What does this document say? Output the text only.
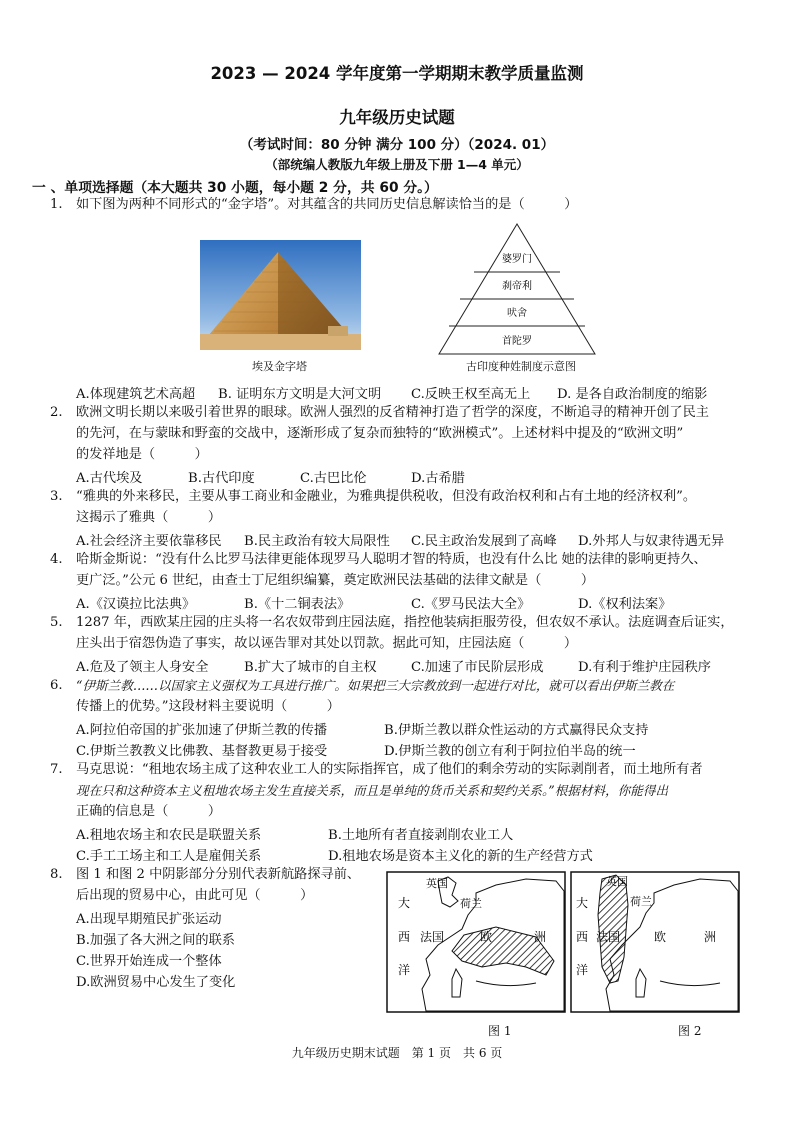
2023 — 2024 学年度第一学期期末教学质量监测
九年级历史试题
（考试时间：80 分钟 满分 100 分）（2024. 01）
（部统编人教版九年级上册及下册 1—4 单元）
一 、单项选择题（本大题共 30 小题，每小题 2 分，共 60 分。）
1. 如下图为两种不同形式的“金字塔”。对其蕴含的共同历史信息解读恰当的是（　　　）
埃及金字塔
婆罗门
刹帝利
吠舍
首陀罗
古印度种姓制度示意图
A.体现建筑艺术高超 B. 证明东方文明是大河文明 C.反映王权至高无上 D. 是各自政治制度的缩影
2. 欧洲文明长期以来吸引着世界的眼球。欧洲人强烈的反省精神打造了哲学的深度，不断追寻的精神开创了民主
的先河，在与蒙昧和野蛮的交战中，逐渐形成了复杂而独特的“欧洲模式”。上述材料中提及的“欧洲文明”
的发祥地是（　　　）
A.古代埃及	B.古代印度	C.古巴比伦	D.古希腊
3. “雅典的外来移民，主要从事工商业和金融业，为雅典提供税收，但没有政治权利和占有土地的经济权利”。
这揭示了雅典（　　　）
A.社会经济主要依靠移民 B.民主政治有较大局限性 C.民主政治发展到了高峰 D.外邦人与奴隶待遇无异
4. 哈斯金斯说：“没有什么比罗马法律更能体现罗马人聪明才智的特质，也没有什么比 她的法律的影响更持久、
更广泛。”公元 6 世纪，由查士丁尼组织编纂，奠定欧洲民法基础的法律文献是（　　　）
A.《汉谟拉比法典》	B.《十二铜表法》	C.《罗马民法大全》	D.《权利法案》
5. 1287 年，西欧某庄园的庄头将一名农奴带到庄园法庭，指控他装病拒服劳役，但农奴不承认。法庭调查后证实，
庄头出于宿怨伪造了事实，故以诬告罪对其处以罚款。据此可知，庄园法庭（　　　）
A.危及了领主人身安全	B.扩大了城市的自主权	C.加速了市民阶层形成	D.有利于维护庄园秩序
6. “伊斯兰教……以国家主义强权为工具进行推广。如果把三大宗教放到一起进行对比，就可以看出伊斯兰教在
传播上的优势。”这段材料主要说明（　　　）
A.阿拉伯帝国的扩张加速了伊斯兰教的传播	B.伊斯兰教以群众性运动的方式赢得民众支持
C.伊斯兰教教义比佛教、基督教更易于接受	D.伊斯兰教的创立有利于阿拉伯半岛的统一
7. 马克思说：“租地农场主成了这种农业工人的实际指挥官，成了他们的剩余劳动的实际剥削者，而土地所有者
现在只和这种资本主义租地农场主发生直接关系，而且是单纯的货币关系和契约关系。”根据材料，你能得出
正确的信息是（　　　）
A.租地农场主和农民是联盟关系	B.土地所有者直接剥削农业工人
C.手工工场主和工人是雇佣关系	D.租地农场是资本主义化的新的生产经营方式
8. 图 1 和图 2 中阴影部分分别代表新航路探寻前、
后出现的贸易中心，由此可见（　　　）
A.出现早期殖民扩张运动
B.加强了各大洲之间的联系
C.世界开始连成一个整体
D.欧洲贸易中心发生了变化
英国
荷兰
大
西
洋
法国	欧	洲
图 1
英国
荷兰
大
西
洋
法国	欧	洲
图 2
九年级历史期末试题　第 1 页　共 6 页
